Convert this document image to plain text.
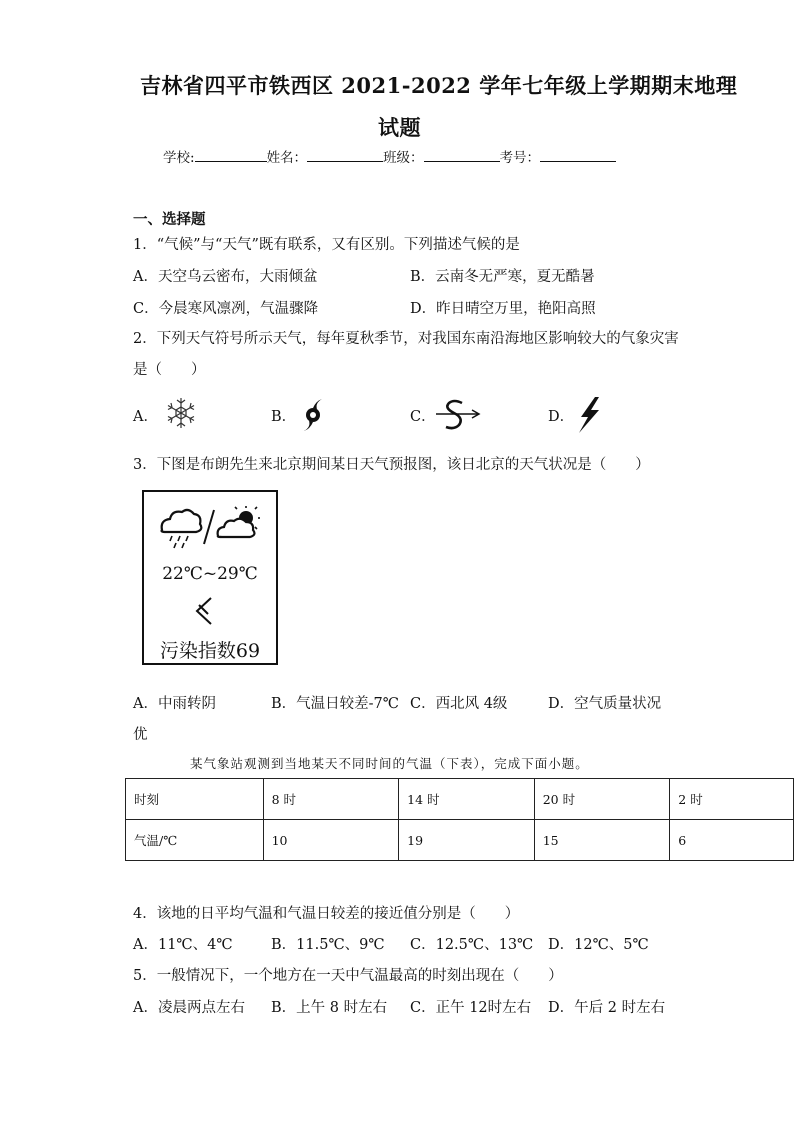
吉林省四平市铁西区 2021-2022 学年七年级上学期期末地理
试题
学校:	姓名：	班级：	考号：
一、选择题
1．“气候”与“天气”既有联系，又有区别。下列描述气候的是
A．天空乌云密布，大雨倾盆	B．云南冬无严寒，夏无酷暑
C．今晨寒风凛冽，气温骤降	D．昨日晴空万里，艳阳高照
2．下列天气符号所示天气，每年夏秋季节，对我国东南沿海地区影响较大的气象灾害
是（　　）
A．	B．	C．	D．
3．下图是布朗先生来北京期间某日天气预报图，该日北京的天气状况是（　　）
22℃~29℃
污染指数69
A．中雨转阴	B．气温日较差-7℃ C．西北风 4级	D．空气质量状况
优
某气象站观测到当地某天不同时间的气温（下表），完成下面小题。
时刻	8 时	14 时	20 时	2 时
气温/℃	10	19	15	6
4．该地的日平均气温和气温日较差的接近值分别是（　　）
A．11℃、4℃	B．11.5℃、9℃ C．12.5℃、13℃ D．12℃、5℃
5．一般情况下，一个地方在一天中气温最高的时刻出现在（　　）
A．凌晨两点左右 B．上午 8 时左右 C．正午 12时左右 D．午后 2 时左右
